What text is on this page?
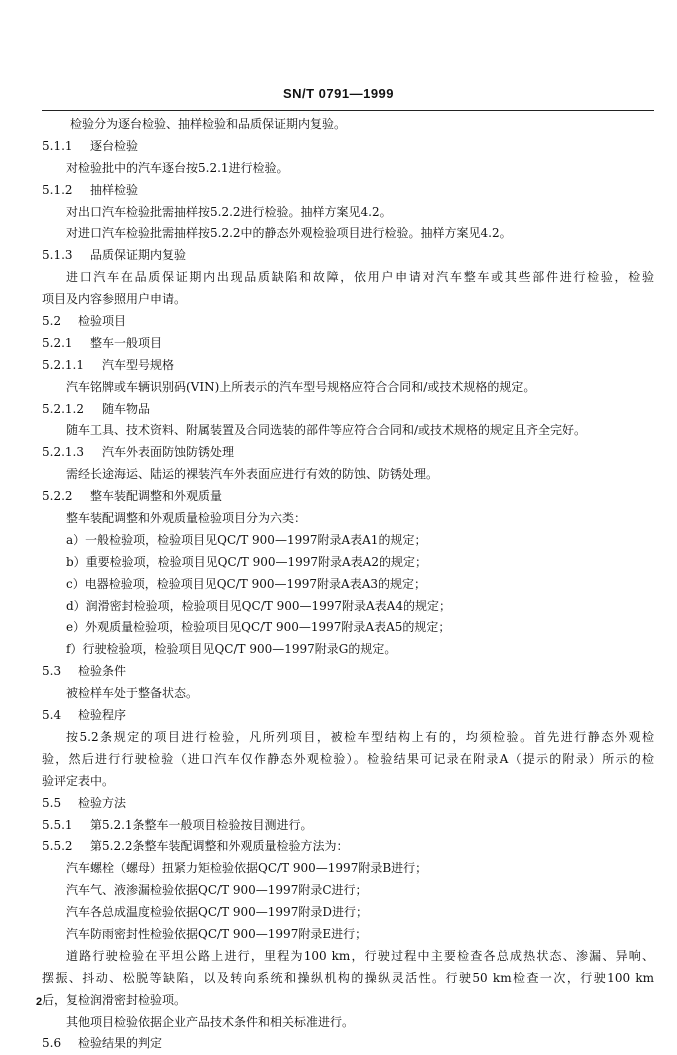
SN/T 0791—1999
检验分为逐台检验、抽样检验和品质保证期内复验。
5.1.1 逐台检验
对检验批中的汽车逐台按5.2.1进行检验。
5.1.2 抽样检验
对出口汽车检验批需抽样按5.2.2进行检验。抽样方案见4.2。
对进口汽车检验批需抽样按5.2.2中的静态外观检验项目进行检验。抽样方案见4.2。
5.1.3 品质保证期内复验
进口汽车在品质保证期内出现品质缺陷和故障，依用户申请对汽车整车或其些部件进行检验，检验
项目及内容参照用户申请。
5.2 检验项目
5.2.1 整车一般项目
5.2.1.1 汽车型号规格
汽车铭牌或车辆识别码(VIN)上所表示的汽车型号规格应符合合同和/或技术规格的规定。
5.2.1.2 随车物品
随车工具、技术资料、附属装置及合同选装的部件等应符合合同和/或技术规格的规定且齐全完好。
5.2.1.3 汽车外表面防蚀防锈处理
需经长途海运、陆运的裸装汽车外表面应进行有效的防蚀、防锈处理。
5.2.2 整车装配调整和外观质量
整车装配调整和外观质量检验项目分为六类：
a）一般检验项，检验项目见QC/T 900—1997附录A表A1的规定；
b）重要检验项，检验项目见QC/T 900—1997附录A表A2的规定；
c）电器检验项，检验项目见QC/T 900—1997附录A表A3的规定；
d）润滑密封检验项，检验项目见QC/T 900—1997附录A表A4的规定；
e）外观质量检验项，检验项目见QC/T 900—1997附录A表A5的规定；
f）行驶检验项，检验项目见QC/T 900—1997附录G的规定。
5.3 检验条件
被检样车处于整备状态。
5.4 检验程序
按5.2条规定的项目进行检验，凡所列项目，被检车型结构上有的，均须检验。首先进行静态外观检
验，然后进行行驶检验（进口汽车仅作静态外观检验）。检验结果可记录在附录A（提示的附录）所示的检
验评定表中。
5.5 检验方法
5.5.1 第5.2.1条整车一般项目检验按目测进行。
5.5.2 第5.2.2条整车装配调整和外观质量检验方法为：
汽车螺栓（螺母）扭紧力矩检验依据QC/T 900—1997附录B进行；
汽车气、液渗漏检验依据QC/T 900—1997附录C进行；
汽车各总成温度检验依据QC/T 900—1997附录D进行；
汽车防雨密封性检验依据QC/T 900—1997附录E进行；
道路行驶检验在平坦公路上进行，里程为100 km，行驶过程中主要检查各总成热状态、渗漏、异响、
摆振、抖动、松脱等缺陷，以及转向系统和操纵机构的操纵灵活性。行驶50 km检查一次，行驶100 km
后，复检润滑密封检验项。
其他项目检验依据企业产品技术条件和相关标准进行。
5.6 检验结果的判定
2
